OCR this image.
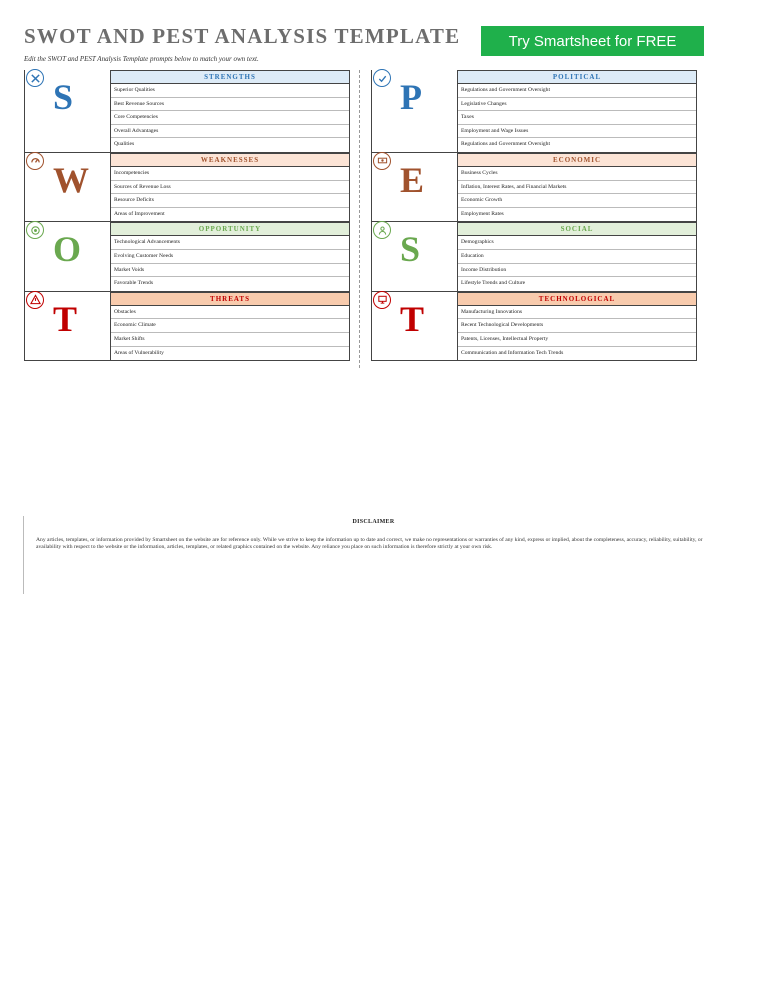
SWOT AND PEST ANALYSIS TEMPLATE
Edit the SWOT and PEST Analysis Template prompts below to match your own text.
Try Smartsheet for FREE
S	STRENGTHS
Superior Qualities
Best Revenue Sources
Core Competencies
Overall Advantages
Qualities
W	WEAKNESSES
Incompetencies
Sources of Revenue Loss
Resource Deficits
Areas of Improvement
O	OPPORTUNITY
Technological Advancements
Evolving Customer Needs
Market Voids
Favorable Trends
T	THREATS
Obstacles
Economic Climate
Market Shifts
Areas of Vulnerability
P	POLITICAL
Regulations and Government Oversight
Legislative Changes
Taxes
Employment and Wage Issues
Regulations and Government Oversight
E	ECONOMIC
Business Cycles
Inflation, Interest Rates, and Financial Markets
Economic Growth
Employment Rates
S	SOCIAL
Demographics
Education
Income Distribution
Lifestyle Trends and Culture
T	TECHNOLOGICAL
Manufacturing Innovations
Recent Technological Developments
Patents, Licenses, Intellectual Property
Communication and Information Tech Trends
DISCLAIMER
Any articles, templates, or information provided by Smartsheet on the website are for reference only. While we strive to keep the information up to date and correct, we make no representations or warranties of any kind, express or implied, about the completeness, accuracy, reliability, suitability, or availability with respect to the website or the information, articles, templates, or related graphics contained on the website. Any reliance you place on such information is therefore strictly at your own risk.
